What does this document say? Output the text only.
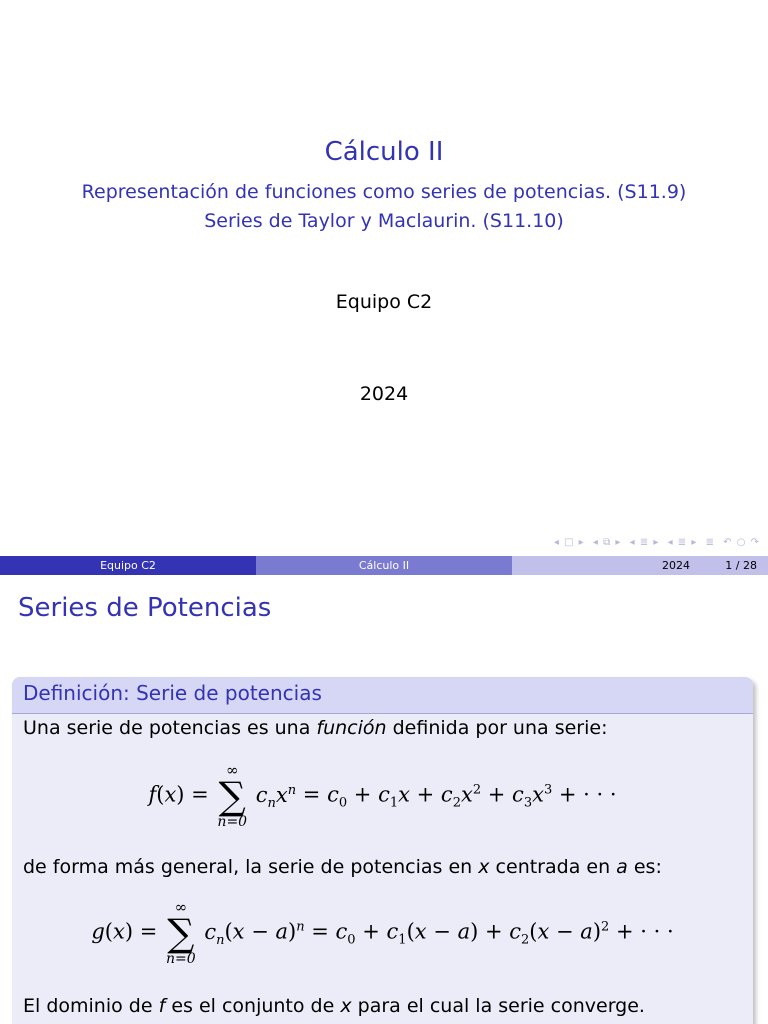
Cálculo II
Representación de funciones como series de potencias. (S11.9)
Series de Taylor y Maclaurin. (S11.10)
Equipo C2
2024
◂ □ ▸ ◂ ⧉ ▸ ◂ ≣ ▸ ◂ ≣ ▸ ≣ ↶ ○ ↷
Equipo C2	Cálculo II	2024	1 / 28
Series de Potencias
Definición: Serie de potencias
Una serie de potencias es una función definida por una serie:
f(x) =
∞
∑
n=0
$c_nx^n = c_0 + c_1x + c_2x^2 + c_3x^3$ + · · ·
de forma más general, la serie de potencias en x centrada en a es:
g(x) =
∞
∑
n=0
$c_n(x - a)^n = c_0 + c_1(x - a) + c_2(x - a)^2$ + · · ·
El dominio de f es el conjunto de x para el cual la serie converge.
